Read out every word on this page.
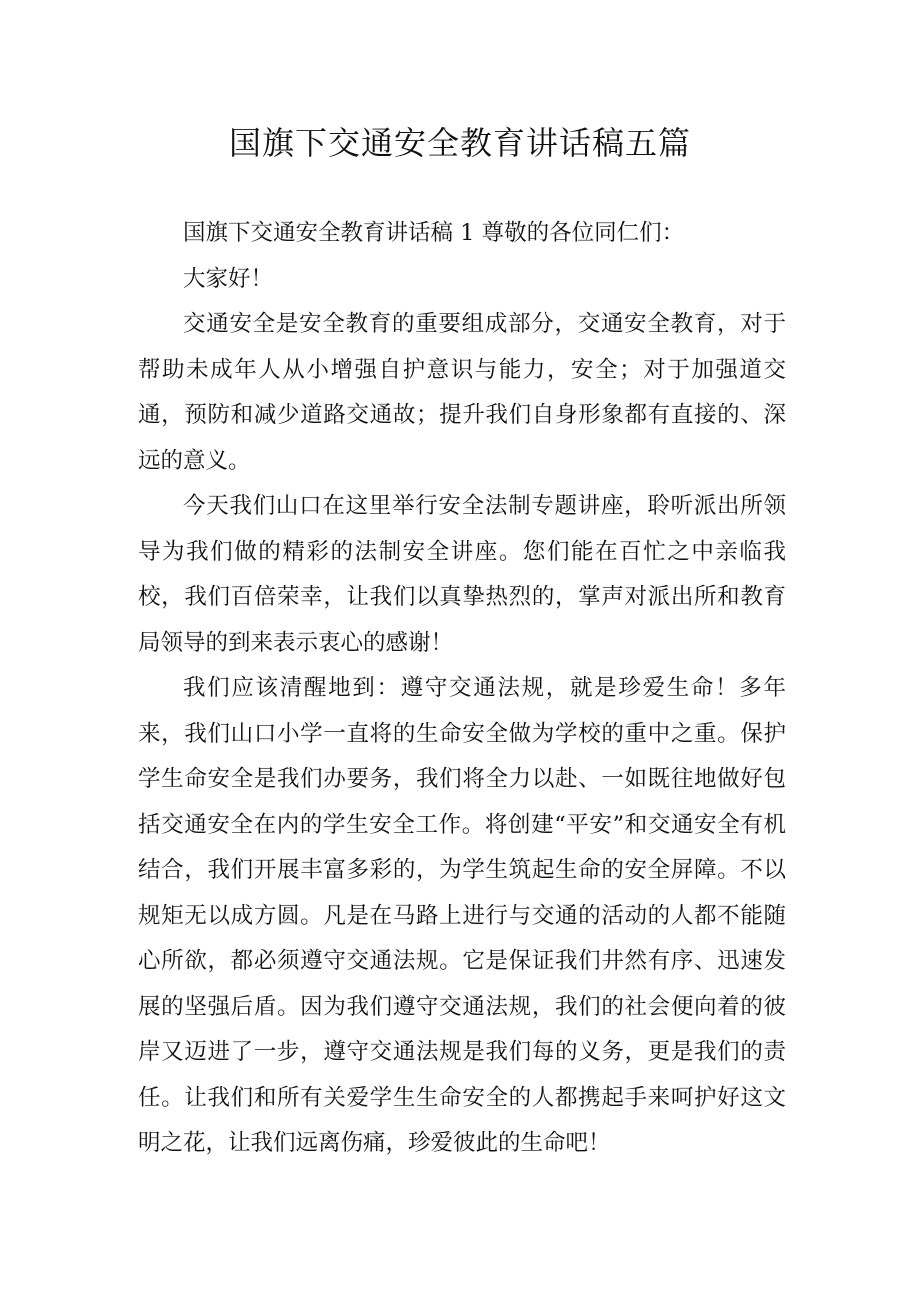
国旗下交通安全教育讲话稿五篇

国旗下交通安全教育讲话稿 1 尊敬的各位同仁们：

大家好！

交通安全是安全教育的重要组成部分，交通安全教育，对于帮助未成年人从小增强自护意识与能力，安全；对于加强道交通，预防和减少道路交通故；提升我们自身形象都有直接的、深远的意义。

今天我们山口在这里举行安全法制专题讲座，聆听派出所领导为我们做的精彩的法制安全讲座。您们能在百忙之中亲临我校，我们百倍荣幸，让我们以真挚热烈的，掌声对派出所和教育局领导的到来表示衷心的感谢！

我们应该清醒地到：遵守交通法规，就是珍爱生命！多年来，我们山口小学一直将的生命安全做为学校的重中之重。保护学生命安全是我们办要务，我们将全力以赴、一如既往地做好包括交通安全在内的学生安全工作。将创建“平安”和交通安全有机结合，我们开展丰富多彩的，为学生筑起生命的安全屏障。不以规矩无以成方圆。凡是在马路上进行与交通的活动的人都不能随心所欲，都必须遵守交通法规。它是保证我们井然有序、迅速发展的坚强后盾。因为我们遵守交通法规，我们的社会便向着的彼岸又迈进了一步，遵守交通法规是我们每的义务，更是我们的责任。让我们和所有关爱学生生命安全的人都携起手来呵护好这文明之花，让我们远离伤痛，珍爱彼此的生命吧！
